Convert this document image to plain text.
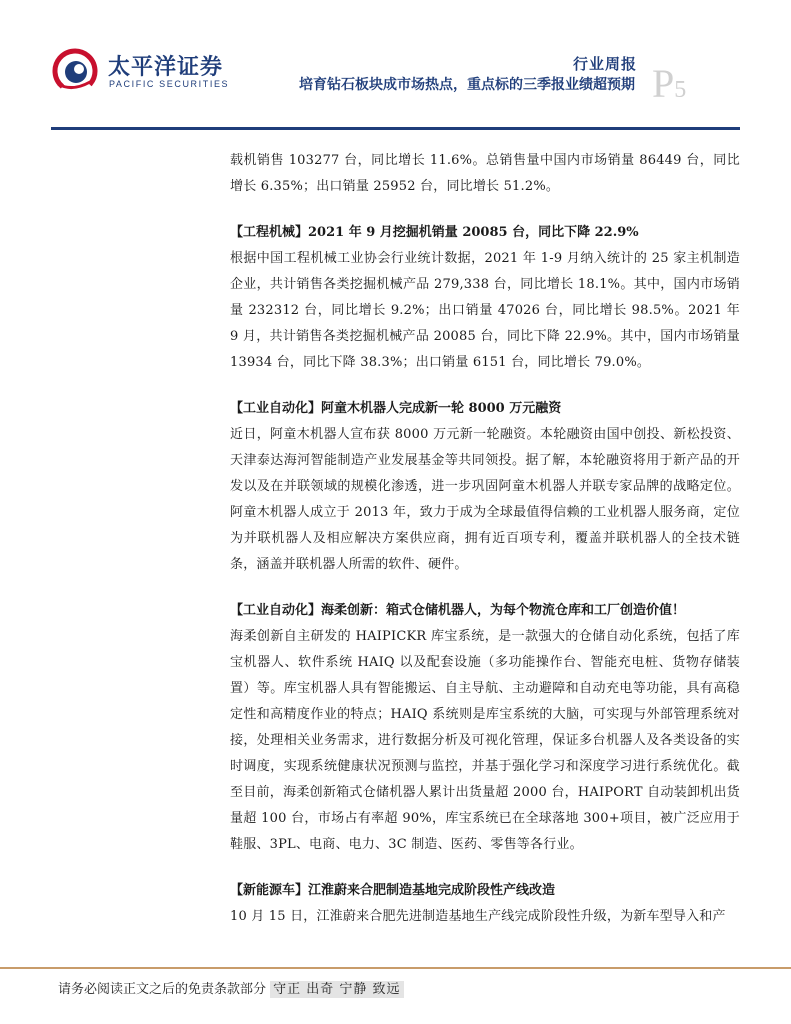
太平洋证券
PACIFIC SECURITIES
行业周报
培育钻石板块成市场热点，重点标的三季报业绩超预期 P5

载机销售 103277 台，同比增长 11.6%。总销售量中国内市场销量 86449 台，同比增长 6.35%；出口销量 25952 台，同比增长 51.2%。

【工程机械】2021 年 9 月挖掘机销量 20085 台，同比下降 22.9%

根据中国工程机械工业协会行业统计数据，2021 年 1-9 月纳入统计的 25 家主机制造企业，共计销售各类挖掘机械产品 279,338 台，同比增长 18.1%。其中，国内市场销量 232312 台，同比增长 9.2%；出口销量 47026 台，同比增长 98.5%。2021 年 9 月，共计销售各类挖掘机械产品 20085 台，同比下降 22.9%。其中，国内市场销量 13934 台，同比下降 38.3%；出口销量 6151 台，同比增长 79.0%。

【工业自动化】阿童木机器人完成新一轮 8000 万元融资

近日，阿童木机器人宣布获 8000 万元新一轮融资。本轮融资由国中创投、新松投资、天津泰达海河智能制造产业发展基金等共同领投。据了解，本轮融资将用于新产品的开发以及在并联领域的规模化渗透，进一步巩固阿童木机器人并联专家品牌的战略定位。阿童木机器人成立于 2013 年，致力于成为全球最值得信赖的工业机器人服务商，定位为并联机器人及相应解决方案供应商，拥有近百项专利，覆盖并联机器人的全技术链条，涵盖并联机器人所需的软件、硬件。

【工业自动化】海柔创新：箱式仓储机器人，为每个物流仓库和工厂创造价值！

海柔创新自主研发的 HAIPICKR 库宝系统，是一款强大的仓储自动化系统，包括了库宝机器人、软件系统 HAIQ 以及配套设施（多功能操作台、智能充电桩、货物存储装置）等。库宝机器人具有智能搬运、自主导航、主动避障和自动充电等功能，具有高稳定性和高精度作业的特点；HAIQ 系统则是库宝系统的大脑，可实现与外部管理系统对接，处理相关业务需求，进行数据分析及可视化管理，保证多台机器人及各类设备的实时调度，实现系统健康状况预测与监控，并基于强化学习和深度学习进行系统优化。截至目前，海柔创新箱式仓储机器人累计出货量超 2000 台，HAIPORT 自动装卸机出货量超 100 台，市场占有率超 90%，库宝系统已在全球落地 300+项目，被广泛应用于鞋服、3PL、电商、电力、3C 制造、医药、零售等各行业。

【新能源车】江淮蔚来合肥制造基地完成阶段性产线改造

10 月 15 日，江淮蔚来合肥先进制造基地生产线完成阶段性升级，为新车型导入和产

请务必阅读正文之后的免责条款部分 守正 出奇 宁静 致远
